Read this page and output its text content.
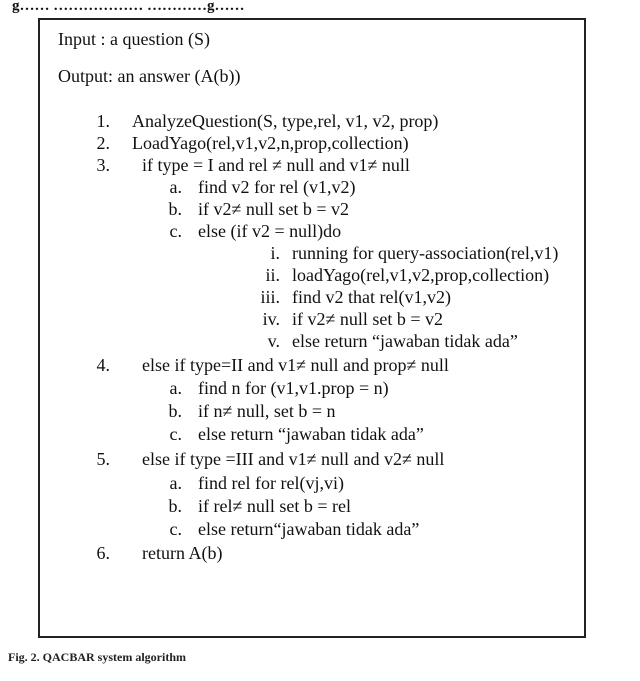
g…… ……………… …………g……
Input : a question (S)
Output: an answer (A(b))
1. AnalyzeQuestion(S, type,rel, v1, v2, prop)
2. LoadYago(rel,v1,v2,n,prop,collection)
3. if type = I and rel ≠ null and v1≠ null
a. find v2 for rel (v1,v2)
b. if v2≠ null set b = v2
c. else (if v2 = null)do
i. running for query-association(rel,v1)
ii. loadYago(rel,v1,v2,prop,collection)
iii. find v2 that rel(v1,v2)
iv. if v2≠ null set b = v2
v. else return “jawaban tidak ada”
4. else if type=II and v1≠ null and prop≠ null
a. find n for (v1,v1.prop = n)
b. if n≠ null, set b = n
c. else return “jawaban tidak ada”
5. else if type =III and v1≠ null and v2≠ null
a. find rel for rel(vj,vi)
b. if rel≠ null set b = rel
c. else return“jawaban tidak ada”
6. return A(b)
Fig. 2. QACBAR system algorithm
